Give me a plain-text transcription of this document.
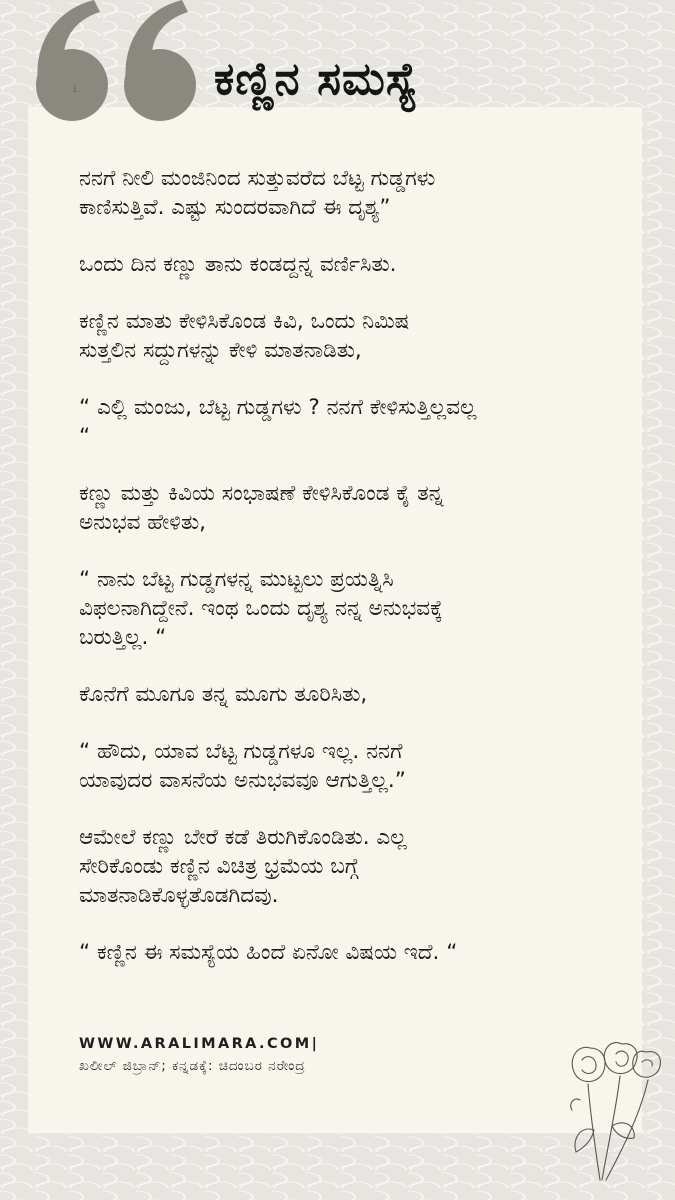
1.	ಕಣ್ಣಿನ ಸಮಸ್ಯೆ

ನನಗೆ ನೀಲಿ ಮಂಜಿನಿಂದ ಸುತ್ತುವರೆದ ಬೆಟ್ಟ ಗುಡ್ಡಗಳು
ಕಾಣಿಸುತ್ತಿವೆ. ಎಷ್ಟು ಸುಂದರವಾಗಿದೆ ಈ ದೃಶ್ಯ”

ಒಂದು ದಿನ ಕಣ್ಣು ತಾನು ಕಂಡದ್ದನ್ನ ವರ್ಣಿಸಿತು.

ಕಣ್ಣಿನ ಮಾತು ಕೇಳಿಸಿಕೊಂಡ ಕಿವಿ, ಒಂದು ನಿಮಿಷ
ಸುತ್ತಲಿನ ಸದ್ದುಗಳನ್ನು ಕೇಳಿ ಮಾತನಾಡಿತು,

“ ಎಲ್ಲಿ ಮಂಜು, ಬೆಟ್ಟ ಗುಡ್ಡಗಳು ? ನನಗೆ ಕೇಳಿಸುತ್ತಿಲ್ಲವಲ್ಲ
“

ಕಣ್ಣು ಮತ್ತು ಕಿವಿಯ ಸಂಭಾಷಣೆ ಕೇಳಿಸಿಕೊಂಡ ಕೈ ತನ್ನ
ಅನುಭವ ಹೇಳಿತು,

“ ನಾನು ಬೆಟ್ಟ ಗುಡ್ಡಗಳನ್ನ ಮುಟ್ಟಲು ಪ್ರಯತ್ನಿಸಿ
ವಿಫಲನಾಗಿದ್ದೇನೆ. ಇಂಥ ಒಂದು ದೃಶ್ಯ ನನ್ನ ಅನುಭವಕ್ಕೆ
ಬರುತ್ತಿಲ್ಲ. “

ಕೊನೆಗೆ ಮೂಗೂ ತನ್ನ ಮೂಗು ತೂರಿಸಿತು,

“ ಹೌದು, ಯಾವ ಬೆಟ್ಟ ಗುಡ್ಡಗಳೂ ಇಲ್ಲ. ನನಗೆ
ಯಾವುದರ ವಾಸನೆಯ ಅನುಭವವೂ ಆಗುತ್ತಿಲ್ಲ.”

ಆಮೇಲೆ ಕಣ್ಣು ಬೇರೆ ಕಡೆ ತಿರುಗಿಕೊಂಡಿತು. ಎಲ್ಲ
ಸೇರಿಕೊಂಡು ಕಣ್ಣಿನ ವಿಚಿತ್ರ ಭ್ರಮೆಯ ಬಗ್ಗೆ
ಮಾತನಾಡಿಕೊಳ್ಳತೊಡಗಿದವು.

“ ಕಣ್ಣಿನ ಈ ಸಮಸ್ಯೆಯ ಹಿಂದೆ ಏನೋ ವಿಷಯ ಇದೆ. “

WWW.ARALIMARA.COM|
ಖಲೀಲ್ ಜಿಬ್ರಾನ್; ಕನ್ನಡಕ್ಕೆ: ಚಿದಂಬರ ನರೇಂದ್ರ
